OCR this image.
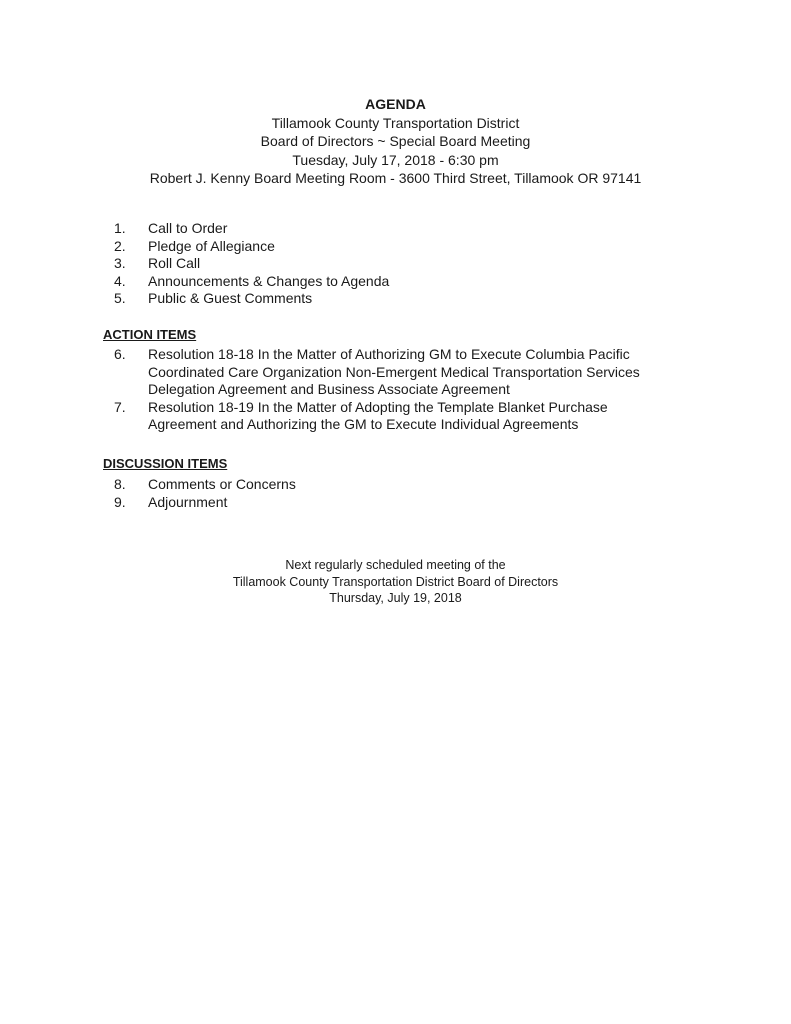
AGENDA
Tillamook County Transportation District
Board of Directors ~ Special Board Meeting
Tuesday, July 17, 2018 - 6:30 pm
Robert J. Kenny Board Meeting Room - 3600 Third Street, Tillamook OR 97141
1. Call to Order
2. Pledge of Allegiance
3. Roll Call
4. Announcements & Changes to Agenda
5. Public & Guest Comments
ACTION ITEMS
6. Resolution 18-18 In the Matter of Authorizing GM to Execute Columbia Pacific
Coordinated Care Organization Non-Emergent Medical Transportation Services
Delegation Agreement and Business Associate Agreement
7. Resolution 18-19 In the Matter of Adopting the Template Blanket Purchase
Agreement and Authorizing the GM to Execute Individual Agreements
DISCUSSION ITEMS
8. Comments or Concerns
9. Adjournment
Next regularly scheduled meeting of the
Tillamook County Transportation District Board of Directors
Thursday, July 19, 2018
